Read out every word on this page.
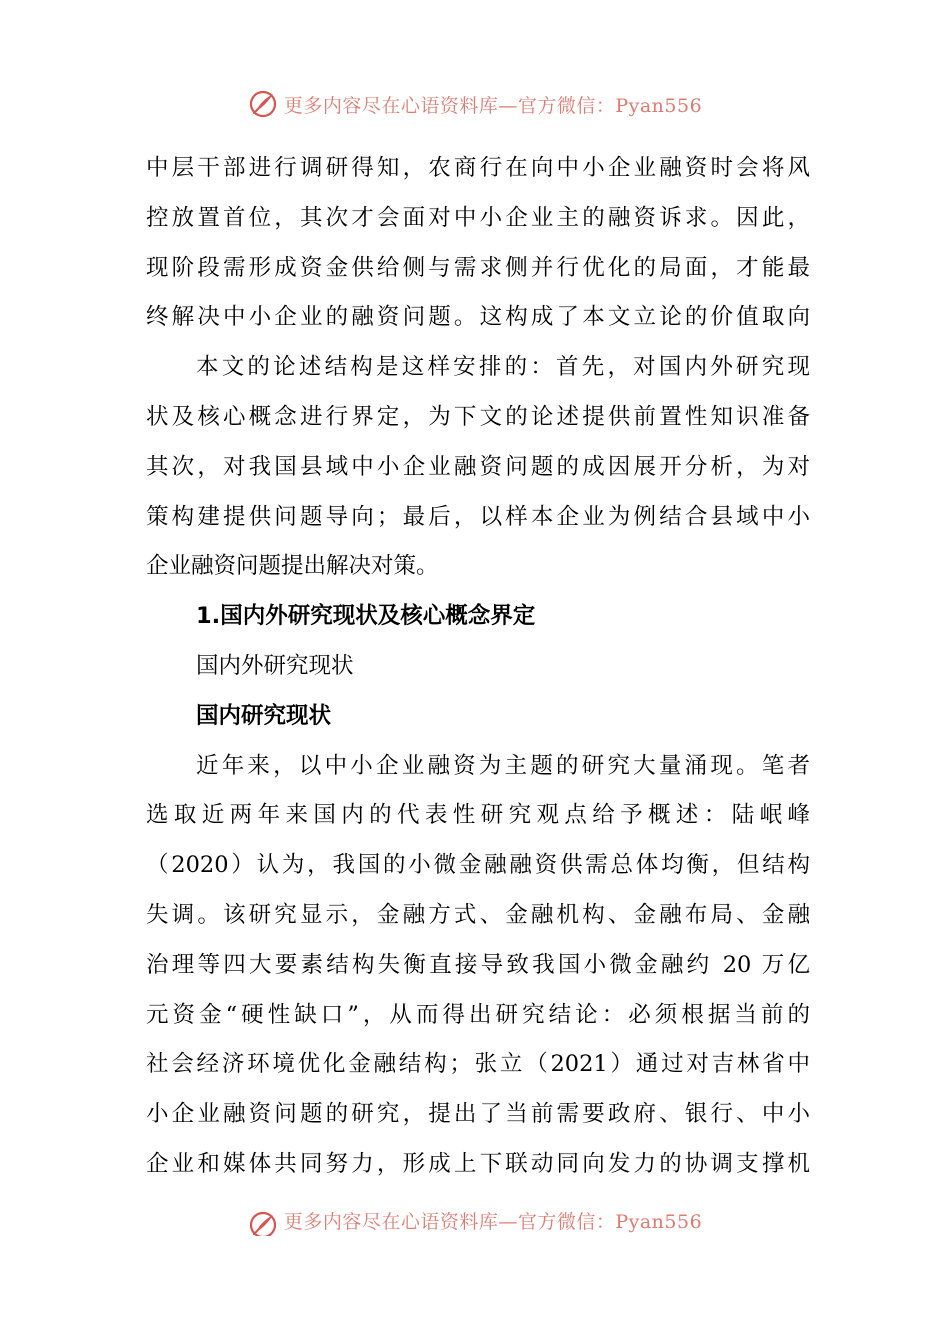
更多内容尽在心语资料库—官方微信：Pyan556
中层干部进行调研得知，农商行在向中小企业融资时会将风
控放置首位，其次才会面对中小企业主的融资诉求。因此，
现阶段需形成资金供给侧与需求侧并行优化的局面，才能最
终解决中小企业的融资问题。这构成了本文立论的价值取向
本文的论述结构是这样安排的：首先，对国内外研究现
状及核心概念进行界定，为下文的论述提供前置性知识准备
其次，对我国县域中小企业融资问题的成因展开分析，为对
策构建提供问题导向；最后，以样本企业为例结合县域中小
企业融资问题提出解决对策。
1.国内外研究现状及核心概念界定
国内外研究现状
国内研究现状
近年来，以中小企业融资为主题的研究大量涌现。笔者
选取近两年来国内的代表性研究观点给予概述：陆岷峰
（2020）认为，我国的小微金融融资供需总体均衡，但结构
失调。该研究显示，金融方式、金融机构、金融布局、金融
治理等四大要素结构失衡直接导致我国小微金融约 20 万亿
元资金“硬性缺口”，从而得出研究结论：必须根据当前的
社会经济环境优化金融结构；张立（2021）通过对吉林省中
小企业融资问题的研究，提出了当前需要政府、银行、中小
企业和媒体共同努力，形成上下联动同向发力的协调支撑机
更多内容尽在心语资料库—官方微信：Pyan556
